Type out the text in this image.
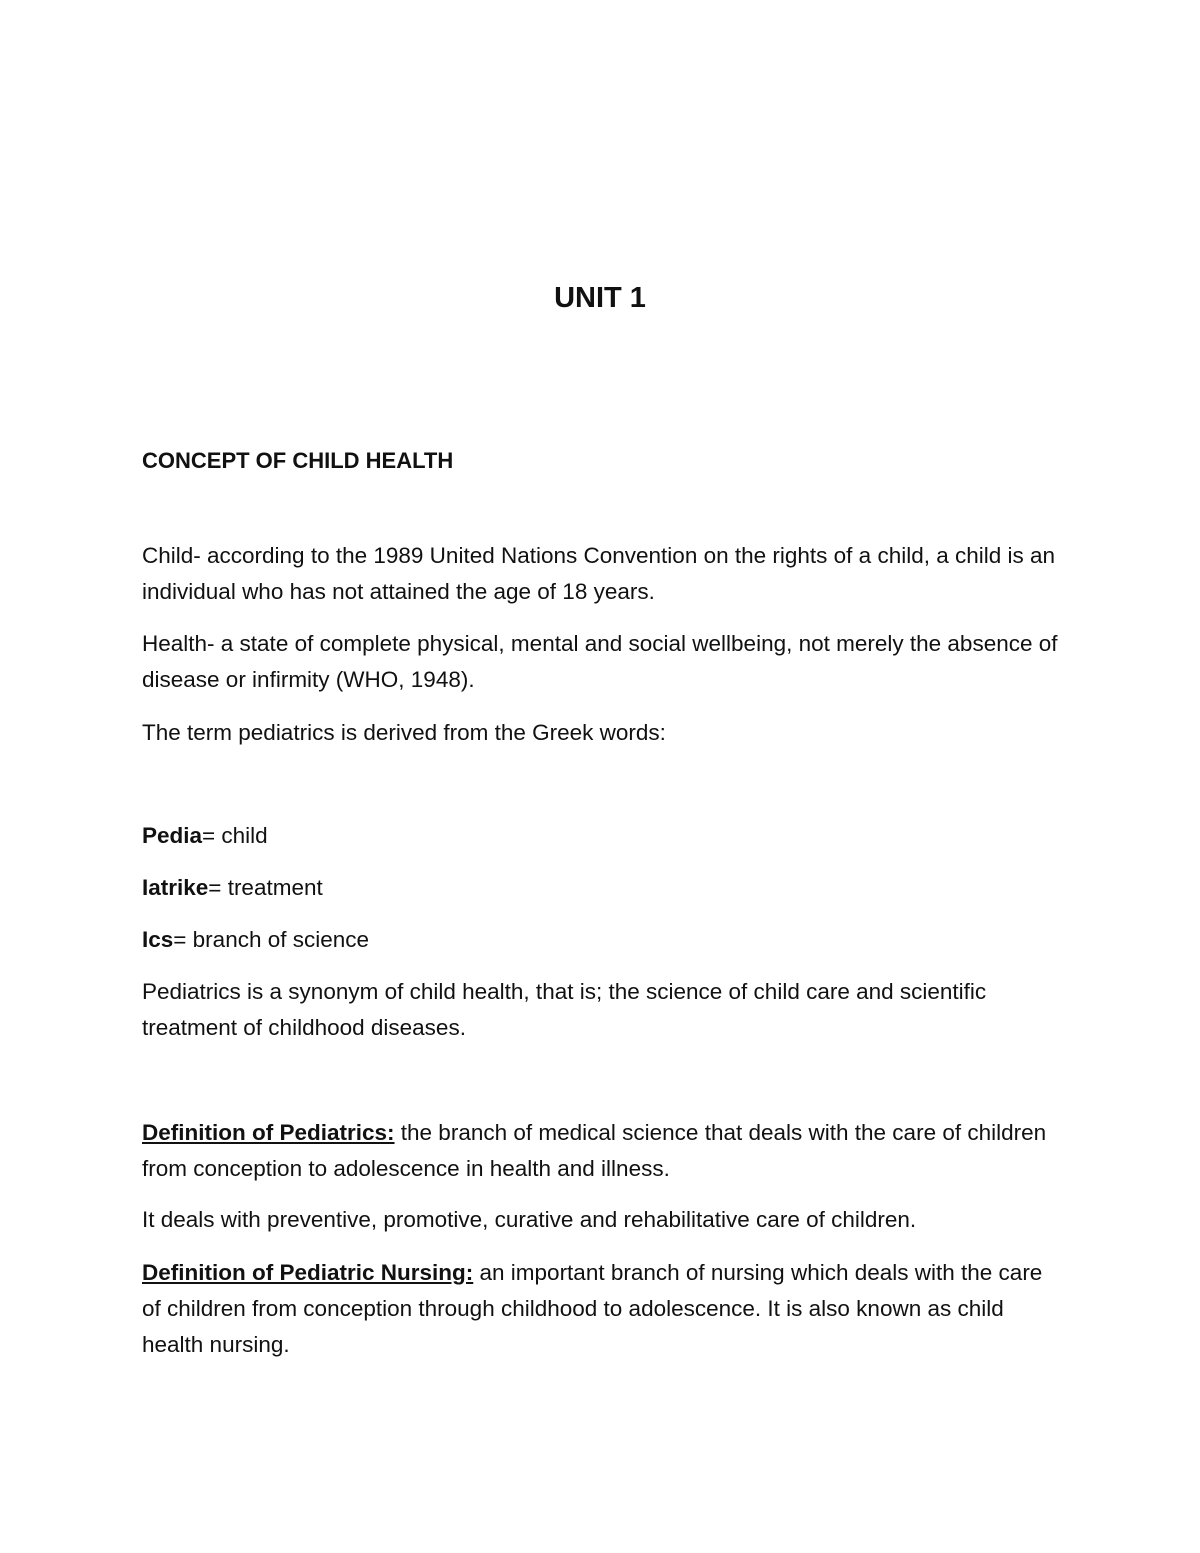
UNIT 1
CONCEPT OF CHILD HEALTH

Child- according to the 1989 United Nations Convention on the rights of a child, a child is an individual who has not attained the age of 18 years.

Health- a state of complete physical, mental and social wellbeing, not merely the absence of disease or infirmity (WHO, 1948).

The term pediatrics is derived from the Greek words:

Pedia= child

Iatrike= treatment

Ics= branch of science

Pediatrics is a synonym of child health, that is; the science of child care and scientific treatment of childhood diseases.

Definition of Pediatrics: the branch of medical science that deals with the care of children from conception to adolescence in health and illness.

It deals with preventive, promotive, curative and rehabilitative care of children.

Definition of Pediatric Nursing: an important branch of nursing which deals with the care of children from conception through childhood to adolescence. It is also known as child health nursing.
